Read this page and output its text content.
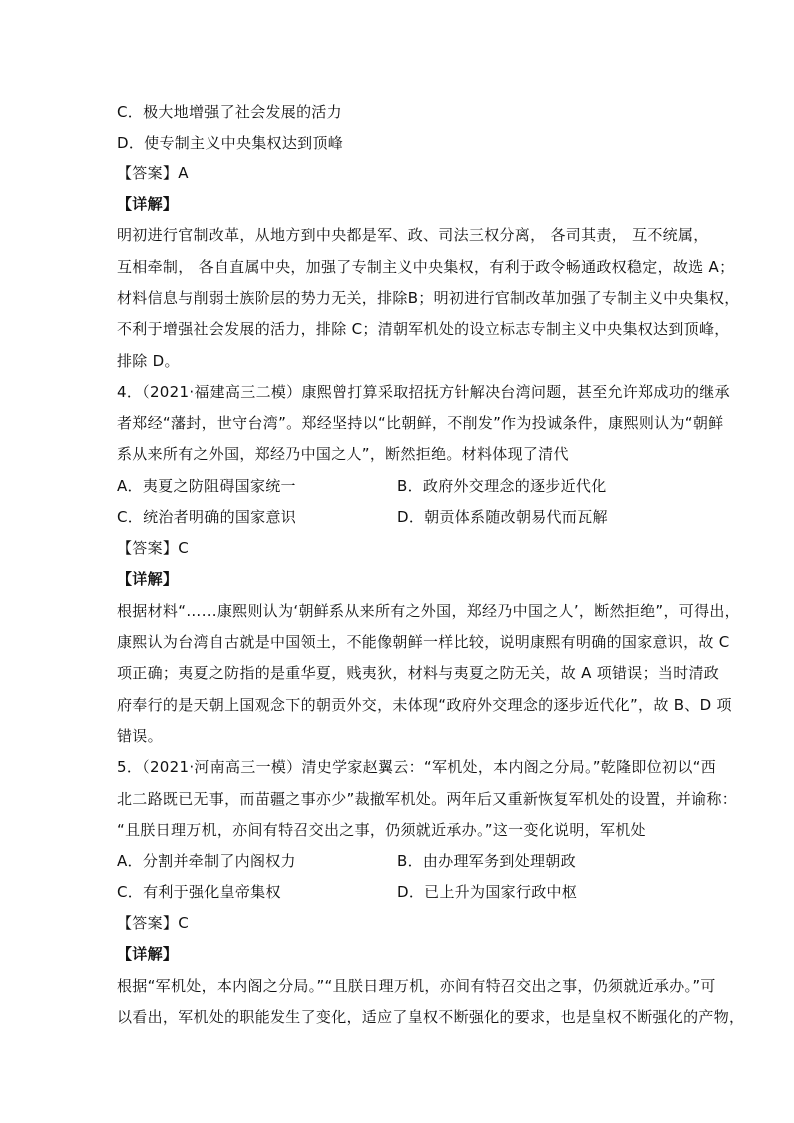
C．极大地增强了社会发展的活力

D．使专制主义中央集权达到顶峰

【答案】A

【详解】

明初进行官制改革，从地方到中央都是军、政、司法三权分离， 各司其责， 互不统属，

互相牵制， 各自直属中央，加强了专制主义中央集权，有利于政令畅通政权稳定，故选 A；

材料信息与削弱士族阶层的势力无关，排除B；明初进行官制改革加强了专制主义中央集权，

不利于增强社会发展的活力，排除 C；清朝军机处的设立标志专制主义中央集权达到顶峰，

排除 D。

4．（2021·福建高三二模）康熙曾打算采取招抚方针解决台湾问题，甚至允许郑成功的继承

者郑经“藩封，世守台湾”。郑经坚持以“比朝鲜，不削发”作为投诚条件，康熙则认为“朝鲜

系从来所有之外国，郑经乃中国之人”，断然拒绝。材料体现了清代

A．夷夏之防阻碍国家统一	B．政府外交理念的逐步近代化

C．统治者明确的国家意识	D．朝贡体系随改朝易代而瓦解

【答案】C

【详解】

根据材料“……康熙则认为‘朝鲜系从来所有之外国，郑经乃中国之人’，断然拒绝”，可得出，

康熙认为台湾自古就是中国领土，不能像朝鲜一样比较，说明康熙有明确的国家意识，故 C

项正确；夷夏之防指的是重华夏，贱夷狄，材料与夷夏之防无关，故 A 项错误；当时清政

府奉行的是天朝上国观念下的朝贡外交，未体现“政府外交理念的逐步近代化”，故 B、D 项

错误。

5．（2021·河南高三一模）清史学家赵翼云：“军机处，本内阁之分局。”乾隆即位初以“西

北二路既已无事，而苗疆之事亦少”裁撤军机处。两年后又重新恢复军机处的设置，并谕称：

“且朕日理万机，亦间有特召交出之事，仍须就近承办。”这一变化说明，军机处

A．分割并牵制了内阁权力	B．由办理军务到处理朝政

C．有利于强化皇帝集权	D．已上升为国家行政中枢

【答案】C

【详解】

根据“军机处，本内阁之分局。”“且朕日理万机，亦间有特召交出之事，仍须就近承办。”可

以看出，军机处的职能发生了变化，适应了皇权不断强化的要求，也是皇权不断强化的产物，
